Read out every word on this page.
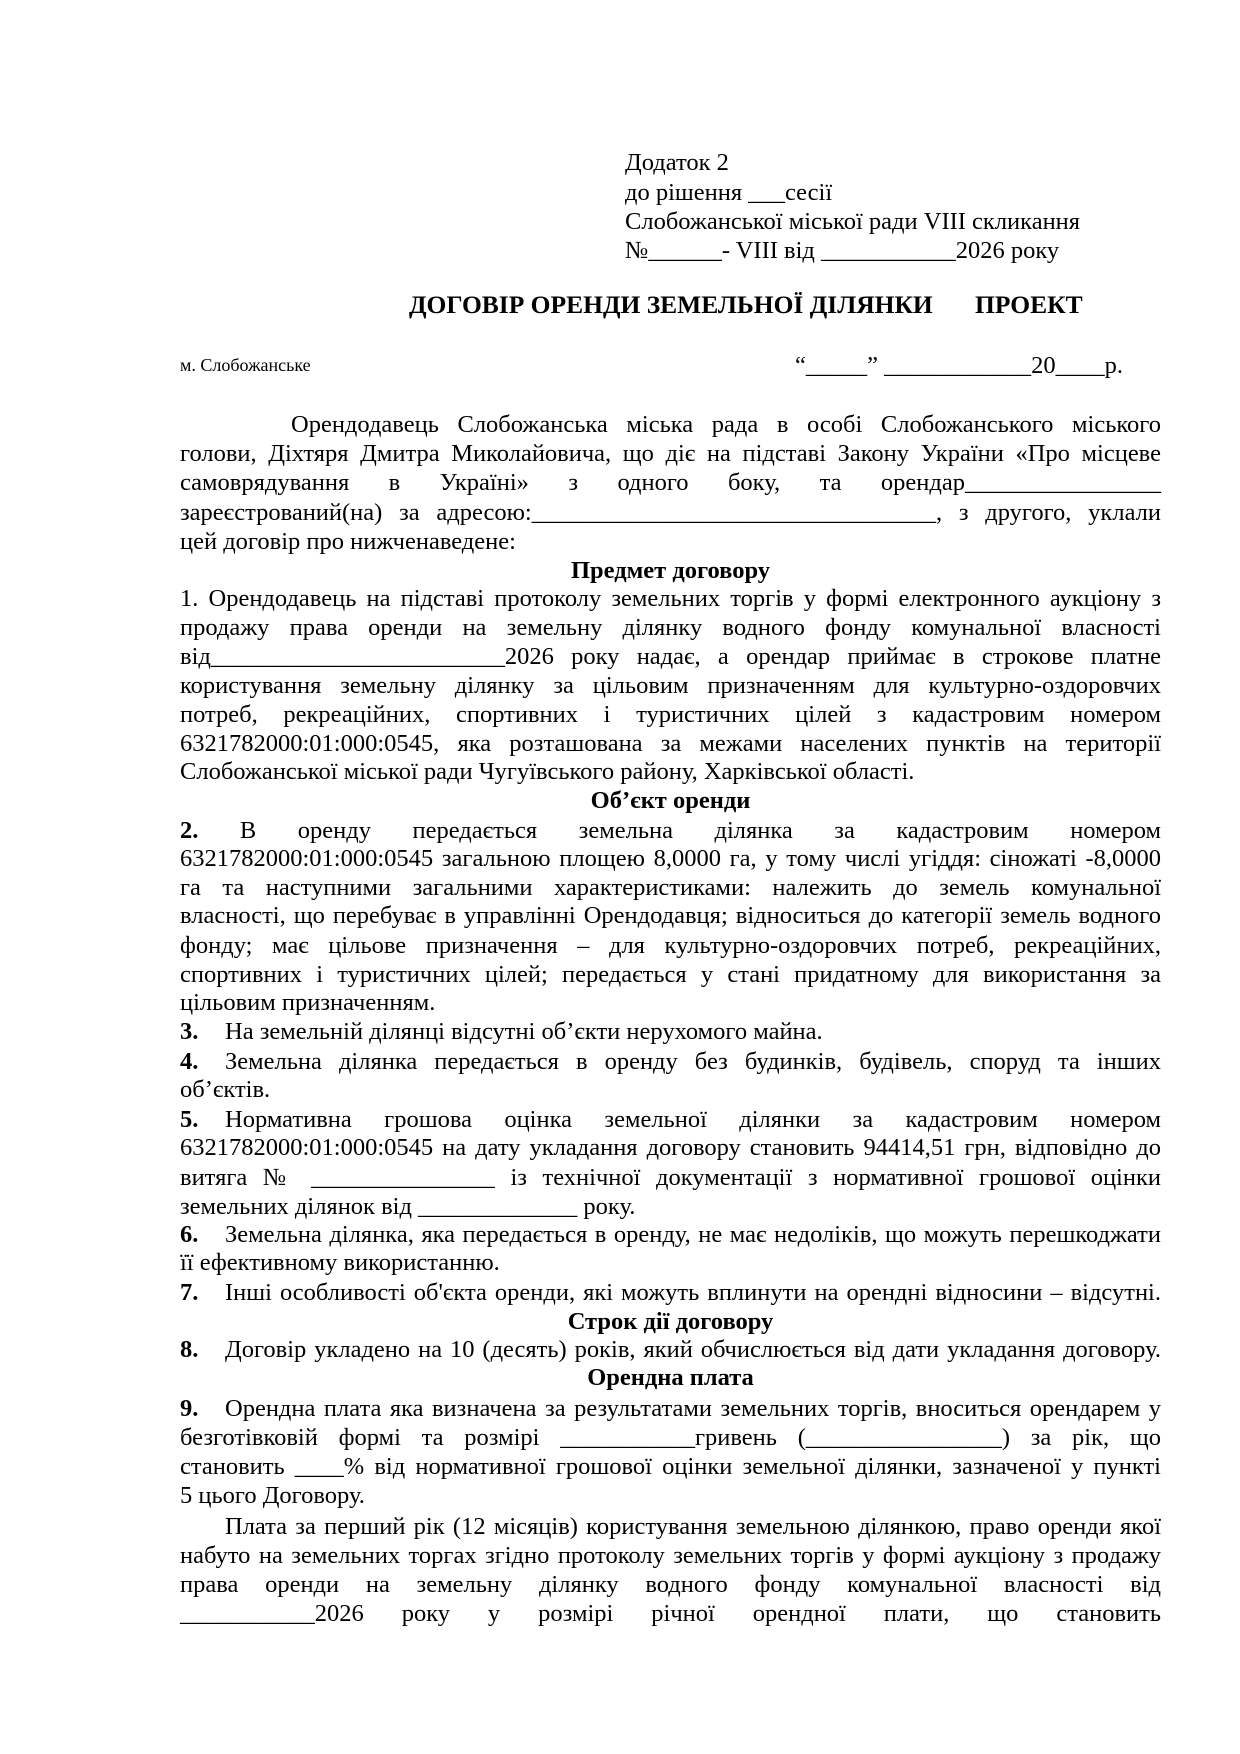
Додаток 2
до рішення ___сесії
Слобожанської міської ради VIII скликання
№______- VIII від ___________2026 року
ДОГОВІР ОРЕНДИ ЗЕМЕЛЬНОЇ ДІЛЯНКИ ПРОЕКТ
м. Слобожанське	“_____” ____________20____р.
Орендодавець Слобожанська міська рада в особі Слобожанського міського
голови, Діхтяря Дмитра Миколайовича, що діє на підставі Закону України «Про місцеве
самоврядування в Україні» з одного боку, та орендар________________
зареєстрований(на) за адресою:_________________________________, з другого, уклали
цей договір про нижченаведене:
Предмет договору
1. Орендодавець на підставі протоколу земельних торгів у формі електронного аукціону з
продажу права оренди на земельну ділянку водного фонду комунальної власності
від________________________2026 року надає, а орендар приймає в строкове платне
користування земельну ділянку за цільовим призначенням для культурно-оздоровчих
потреб, рекреаційних, спортивних і туристичних цілей з кадастровим номером
6321782000:01:000:0545, яка розташована за межами населених пунктів на території
Слобожанської міської ради Чугуївського району, Харківської області.
Об’єкт оренди
2. В оренду передається земельна ділянка за кадастровим номером
6321782000:01:000:0545 загальною площею 8,0000 га, у тому числі угіддя: сіножаті -8,0000
га та наступними загальними характеристиками: належить до земель комунальної
власності, що перебуває в управлінні Орендодавця; відноситься до категорії земель водного
фонду; має цільове призначення – для культурно-оздоровчих потреб, рекреаційних,
спортивних і туристичних цілей; передається у стані придатному для використання за
цільовим призначенням.
3. На земельній ділянці відсутні об’єкти нерухомого майна.
4. Земельна ділянка передається в оренду без будинків, будівель, споруд та інших
об’єктів.
5. Нормативна грошова оцінка земельної ділянки за кадастровим номером
6321782000:01:000:0545 на дату укладання договору становить 94414,51 грн, відповідно до
витяга № _______________ із технічної документації з нормативної грошової оцінки
земельних ділянок від _____________ року.
6. Земельна ділянка, яка передається в оренду, не має недоліків, що можуть перешкоджати
її ефективному використанню.
7. Інші особливості об'єкта оренди, які можуть вплинути на орендні відносини – відсутні.
Строк дії договору
8. Договір укладено на 10 (десять) років, який обчислюється від дати укладання договору.
Орендна плата
9. Орендна плата яка визначена за результатами земельних торгів, вноситься орендарем у
безготівковій формі та розмірі ___________гривень (________________) за рік, що
становить ____% від нормативної грошової оцінки земельної ділянки, зазначеної у пункті
5 цього Договору.
Плата за перший рік (12 місяців) користування земельною ділянкою, право оренди якої
набуто на земельних торгах згідно протоколу земельних торгів у формі аукціону з продажу
права оренди на земельну ділянку водного фонду комунальної власності від
___________2026 року у розмірі річної орендної плати, що становить
